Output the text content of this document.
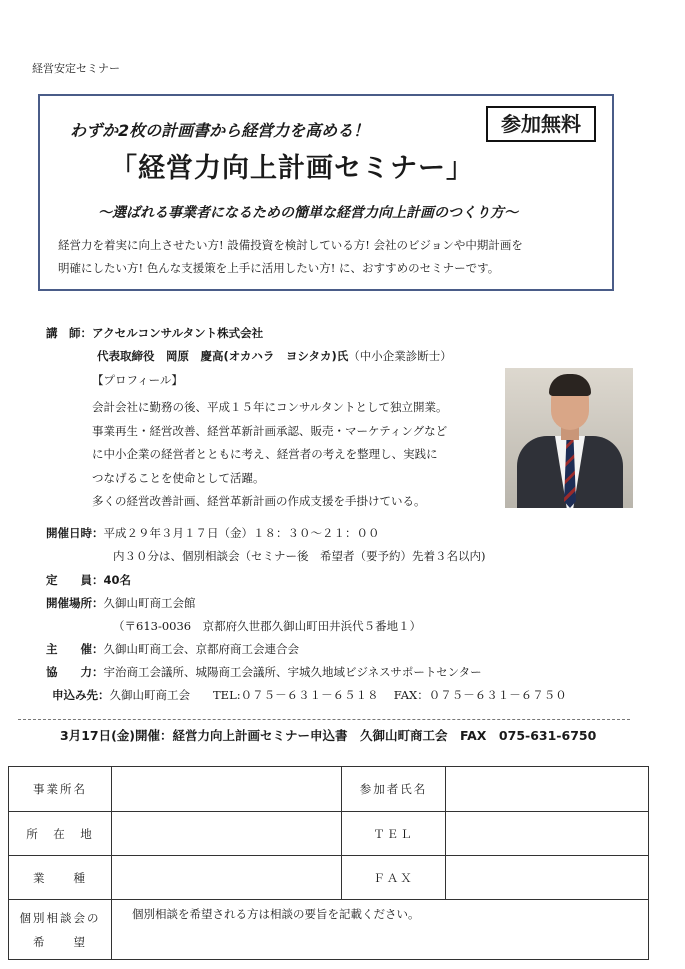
経営安定セミナー
わずか2枚の計画書から経営力を高める！	参加無料
「経営力向上計画セミナー」
～選ばれる事業者になるための簡単な経営力向上計画のつくり方～
経営力を着実に向上させたい方! 設備投資を検討している方! 会社のビジョンや中期計画を
明確にしたい方! 色んな支援策を上手に活用したい方! に、おすすめのセミナーです。
講　師：アクセルコンサルタント株式会社
代表取締役　岡原　慶高(オカハラ　ヨシタカ)氏（中小企業診断士）
【プロフィール】
会計会社に勤務の後、平成１５年にコンサルタントとして独立開業。
事業再生・経営改善、経営革新計画承認、販売・マーケティングなど
に中小企業の経営者とともに考え、経営者の考えを整理し、実践に
つなげることを使命として活躍。
多くの経営改善計画、経営革新計画の作成支援を手掛けている。
開催日時：平成２９年３月１７日（金）１８：３０～２１：００
内３０分は、個別相談会（セミナー後　希望者（要予約）先着３名以内)
定　　員：40名
開催場所：久御山町商工会館
（〒613-0036　京都府久世郡久御山町田井浜代５番地１）
主　　催：久御山町商工会、京都府商工会連合会
協　　力：宇治商工会議所、城陽商工会議所、宇城久地域ビジネスサポートセンター
申込み先：久御山町商工会　　TEL:０７５－６３１－６５１８　 FAX：０７５－６３１－６７５０
3月17日(金)開催：経営力向上計画セミナー申込書　久御山町商工会　FAX　075-631-6750
事業所名		参加者氏名	
所　在　地		ＴＥＬ	
業　　種		ＦＡＸ	

個別相談会の
希　　望	個別相談を希望される方は相談の要旨を記載ください。		
